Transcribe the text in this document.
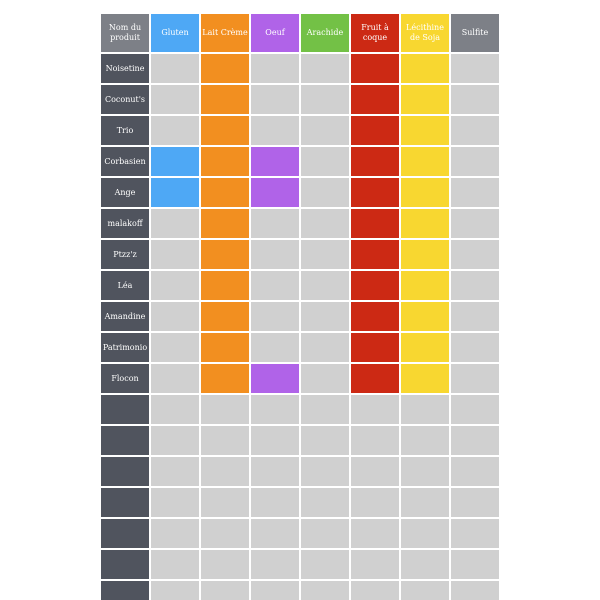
Nom du produit	Gluten	Lait Crème	Oeuf	Arachide	Fruit à coque	Lécithine de Soja	Sulfite
Noisetine							
Coconut's							
Trio							
Corbasien							
Ange							
malakoff							
Ptzz'z							
Léa							
Amandine							
Patrimonio							
Flocon							
